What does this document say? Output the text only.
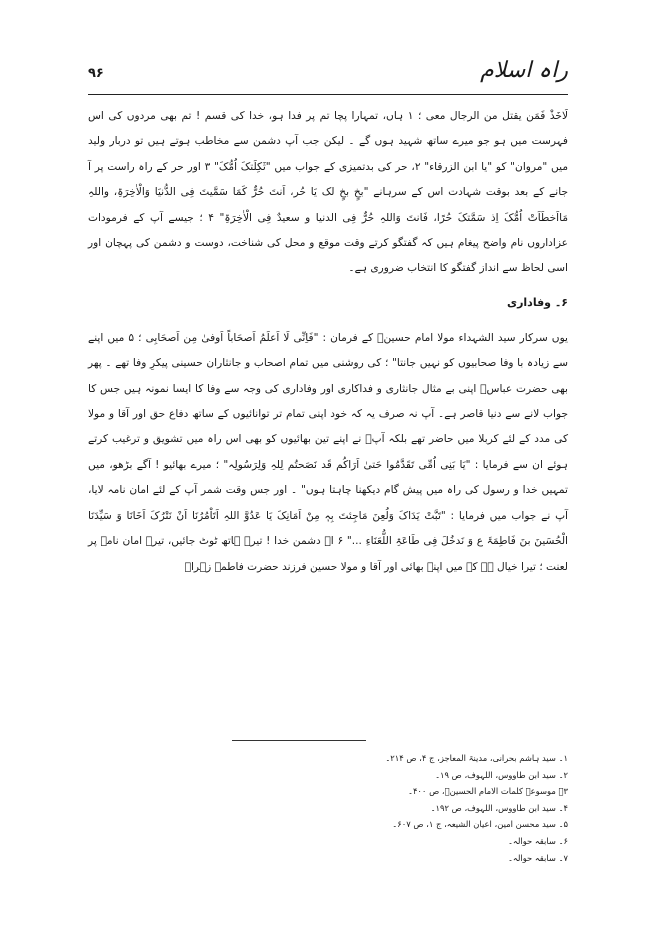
راہ اسلام
۹۶

لَاخَذْ فَمَن یقتل من الرجال معی ؛ ۱ ہاں، تمہارا پچا تم پر فدا ہو، خدا کی قسم ! تم بھی مردوں کی اس فہرست میں ہو جو میرے ساتھ شہید ہوں گے ۔ لیکن جب آپ دشمن سے مخاطب ہوتے ہیں تو دربار ولید میں "مروان" کو "یا ابن الزرقاء" ۲، حر کی بدتمیزی کے جواب میں "ثَکِلَتکَ اُمُّکَ" ۳ اور حر کے راہ راست پر آ جانے کے بعد بوقت شہادت اس کے سرہانے "بخٍ بخٍ لک یَا حُر، اَنتَ حُرٌّ کَمَا سَمَّیتَ فِی الدُّنیَا وَالْاٰخِرَۃِ، واللہِ مَااَخطَاَتْ اُمُّکَ اِذ سَمَّتکَ حُرًا، فَانتَ وَاللہِ حُرٌّ فِی الدنیا و سعیدٌ فِی الْاٰخِرَۃِ" ۴ ؛ جیسے آپ کے فرمودات عزاداروں نام واضح پیغام ہیں کہ گفتگو کرتے وقت موقع و محل کی شناخت، دوست و دشمن کی پہچان اور اسی لحاظ سے انداز گفتگو کا انتخاب ضروری ہے۔

۶۔ وفاداری

یوں سرکار سید الشہداء مولا امام حسینؑ کے فرمان : "فَاِنِّی لَا اَعلَمُ اَصحَاباً اَوفیٰ مِن اَصحَابِی ؛ ۵ میں اپنے سے زیادہ با وفا صحابیوں کو نہیں جانتا" ؛ کی روشنی میں تمام اصحاب و جانثاران حسینی پیکرِ وفا تھے ۔ پھر بھی حضرت عباسؑ اپنی بے مثال جانثاری و فداکاری اور وفاداری کی وجہ سے وفا کا ایسا نمونہ ہیں جس کا جواب لانے سے دنیا قاصر ہے۔ آپ نہ صرف یہ کہ خود اپنی تمام تر توانائیوں کے ساتھ دفاع حق اور آقا و مولا کی مدد کے لئے کربلا میں حاضر تھے بلکہ آپؑ نے اپنے تین بھائیوں کو بھی اس راہ میں تشویق و ترغیب کرتے ہوئے ان سے فرمایا : "یَا بَنِی اُمِّی تَقَدَّمُوا حَتیٰ اَرَاکُم قَد نَصَحتُم لِلہِ وَلِرَسُولِہ" ؛ میرے بھائیو ! آگے بڑھو، میں تمہیں خدا و رسول کی راہ میں پیش گام دیکھنا چاہتا ہوں" ۔ اور جس وقت شمر آپ کے لئے امان نامہ لایا، آپ نے جواب میں فرمایا : "تَبَّتْ یَدَاکَ وَلُعِنَ مَاجِئتَ بِہٖ مِنْ اَمَانِکَ یَا عَدُوَّ اللہِ اَتَاْمُرُنَا اَنْ نَتْرُکَ اَخَانَا وَ سَیِّدَنَا الْحُسَینَ بنَ فَاطِمَۃَ ع وَ نَدخُلَ فِی طَاعَۃِ اللُّعَنَاءِ ..." ۶ اے دشمن خدا ! تیرے ہاتھ ٹوٹ جائیں، تیرے امان نامہ پر لعنت ؛ تیرا خیال ہے کہ میں اپنے بھائی اور آقا و مولا حسین فرزند حضرت فاطمہ زہراؑ

۱۔ سید ہاشم بحرانی، مدینۃ المعاجز، ج ۴، ص ۲۱۴۔
۲۔ سید ابن طاووس، اللہوف، ص ۱۹۔
۳۔ موسوعۃ کلمات الامام الحسینؑ، ص ۴۰۰۔
۴۔ سید ابن طاووس، اللہوف، ص ۱۹۲۔
۵۔ سید محسن امین، اعیان الشیعہ، ج ۱، ص ۶۰۷۔
۶۔ سابقہ حوالہ۔
۷۔ سابقہ حوالہ۔
